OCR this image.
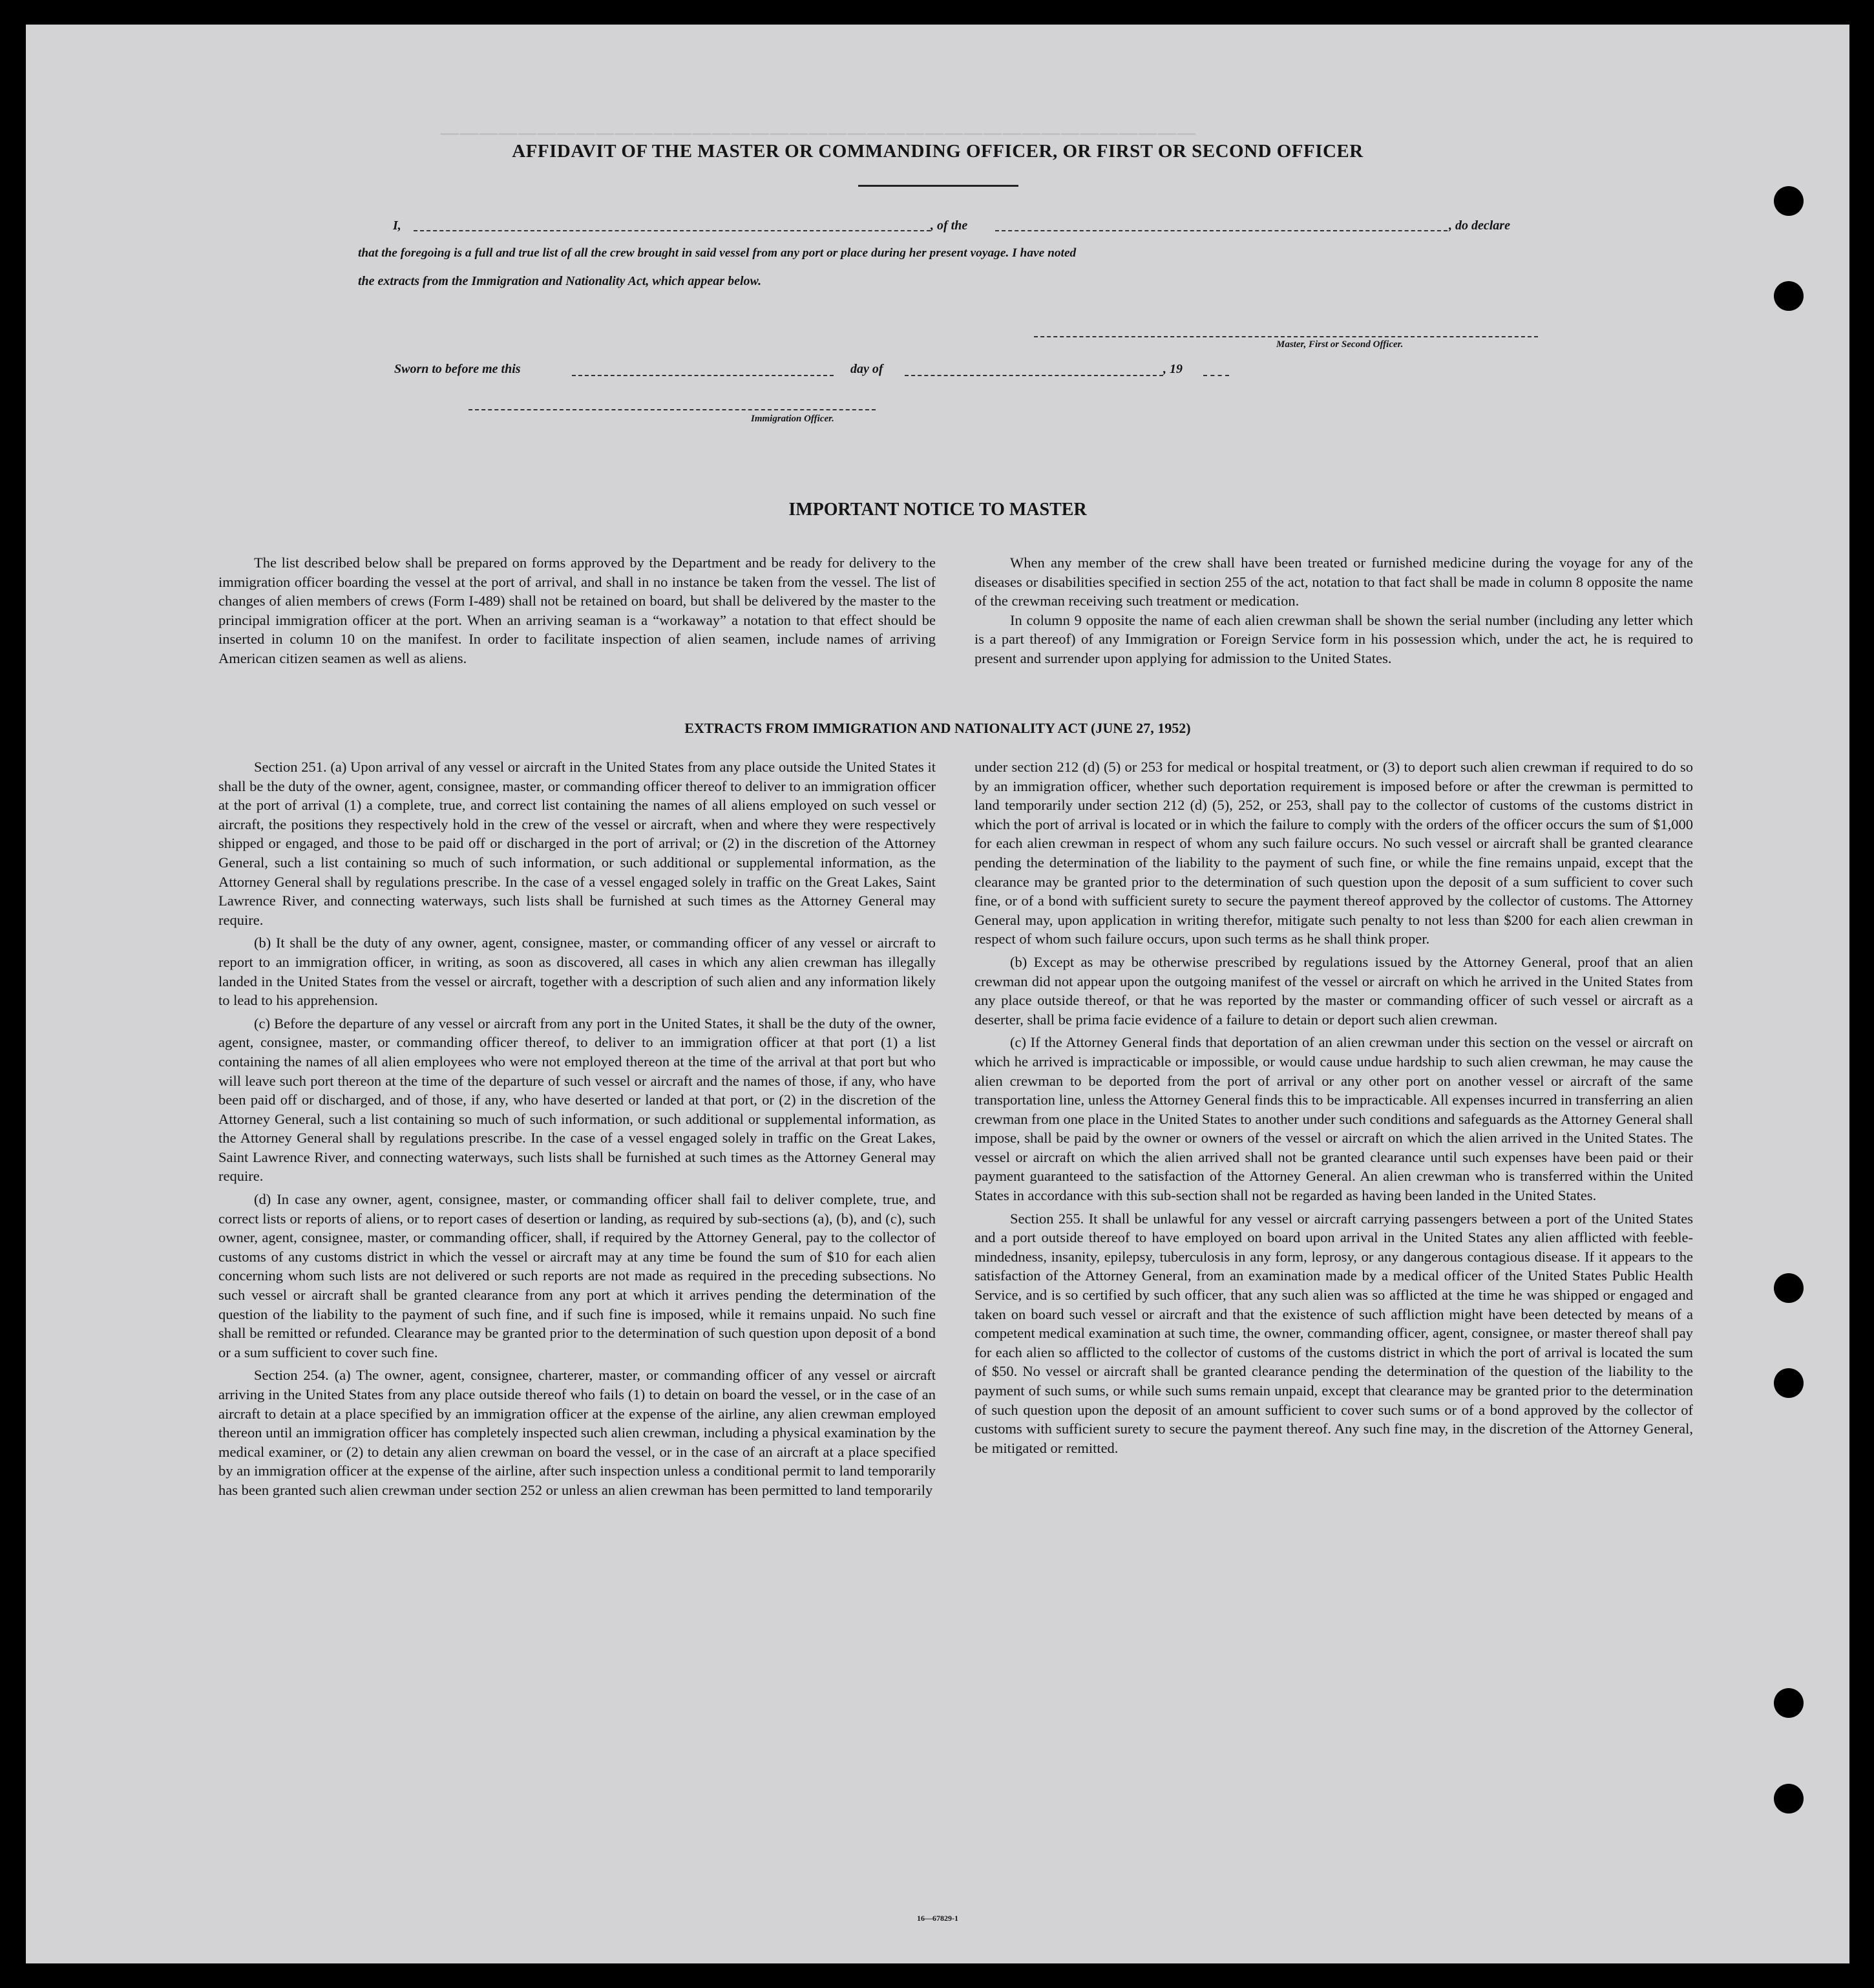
———————————————————————————————————————
AFFIDAVIT OF THE MASTER OR COMMANDING OFFICER, OR FIRST OR SECOND OFFICER
I,	, of the	, do declare
that the foregoing is a full and true list of all the crew brought in said vessel from any port or place during her present voyage. I have noted
the extracts from the Immigration and Nationality Act, which appear below.
Master, First or Second Officer.
Sworn to before me this	day of	, 19
Immigration Officer.
IMPORTANT NOTICE TO MASTER

The list described below shall be prepared on forms approved by the Department and be ready for delivery to the immigration officer boarding the vessel at the port of arrival, and shall in no instance be taken from the vessel. The list of changes of alien members of crews (Form I-489) shall not be retained on board, but shall be delivered by the master to the principal immigration officer at the port. When an arriving seaman is a “workaway” a notation to that effect should be inserted in column 10 on the manifest. In order to facilitate inspection of alien seamen, include names of arriving American citizen seamen as well as aliens.

When any member of the crew shall have been treated or furnished medicine during the voyage for any of the diseases or disabilities specified in section 255 of the act, notation to that fact shall be made in column 8 opposite the name of the crewman receiving such treatment or medication.

In column 9 opposite the name of each alien crewman shall be shown the serial number (including any letter which is a part thereof) of any Immigration or Foreign Service form in his possession which, under the act, he is required to present and surrender upon applying for admission to the United States.

EXTRACTS FROM IMMIGRATION AND NATIONALITY ACT (JUNE 27, 1952)

Section 251. (a) Upon arrival of any vessel or aircraft in the United States from any place outside the United States it shall be the duty of the owner, agent, consignee, master, or commanding officer thereof to deliver to an immigration officer at the port of arrival (1) a complete, true, and correct list containing the names of all aliens employed on such vessel or aircraft, the positions they respectively hold in the crew of the vessel or aircraft, when and where they were respectively shipped or engaged, and those to be paid off or discharged in the port of arrival; or (2) in the discretion of the Attorney General, such a list containing so much of such information, or such additional or supplemental information, as the Attorney General shall by regulations prescribe. In the case of a vessel engaged solely in traffic on the Great Lakes, Saint Lawrence River, and connecting waterways, such lists shall be furnished at such times as the Attorney General may require.

(b) It shall be the duty of any owner, agent, consignee, master, or commanding officer of any vessel or aircraft to report to an immigration officer, in writing, as soon as discovered, all cases in which any alien crewman has illegally landed in the United States from the vessel or aircraft, together with a description of such alien and any information likely to lead to his apprehension.

(c) Before the departure of any vessel or aircraft from any port in the United States, it shall be the duty of the owner, agent, consignee, master, or commanding officer thereof, to deliver to an immigration officer at that port (1) a list containing the names of all alien employees who were not employed thereon at the time of the arrival at that port but who will leave such port thereon at the time of the departure of such vessel or aircraft and the names of those, if any, who have been paid off or discharged, and of those, if any, who have deserted or landed at that port, or (2) in the discretion of the Attorney General, such a list containing so much of such information, or such additional or supplemental information, as the Attorney General shall by regulations prescribe. In the case of a vessel engaged solely in traffic on the Great Lakes, Saint Lawrence River, and connecting waterways, such lists shall be furnished at such times as the Attorney General may require.

(d) In case any owner, agent, consignee, master, or commanding officer shall fail to deliver complete, true, and correct lists or reports of aliens, or to report cases of desertion or landing, as required by sub-sections (a), (b), and (c), such owner, agent, consignee, master, or commanding officer, shall, if required by the Attorney General, pay to the collector of customs of any customs district in which the vessel or aircraft may at any time be found the sum of $10 for each alien concerning whom such lists are not delivered or such reports are not made as required in the preceding subsections. No such vessel or aircraft shall be granted clearance from any port at which it arrives pending the determination of the question of the liability to the payment of such fine, and if such fine is imposed, while it remains unpaid. No such fine shall be remitted or refunded. Clearance may be granted prior to the determination of such question upon deposit of a bond or a sum sufficient to cover such fine.

Section 254. (a) The owner, agent, consignee, charterer, master, or commanding officer of any vessel or aircraft arriving in the United States from any place outside thereof who fails (1) to detain on board the vessel, or in the case of an aircraft to detain at a place specified by an immigration officer at the expense of the airline, any alien crewman employed thereon until an immigration officer has completely inspected such alien crewman, including a physical examination by the medical examiner, or (2) to detain any alien crewman on board the vessel, or in the case of an aircraft at a place specified by an immigration officer at the expense of the airline, after such inspection unless a conditional permit to land temporarily has been granted such alien crewman under section 252 or unless an alien crewman has been permitted to land temporarily

under section 212 (d) (5) or 253 for medical or hospital treatment, or (3) to deport such alien crewman if required to do so by an immigration officer, whether such deportation requirement is imposed before or after the crewman is permitted to land temporarily under section 212 (d) (5), 252, or 253, shall pay to the collector of customs of the customs district in which the port of arrival is located or in which the failure to comply with the orders of the officer occurs the sum of $1,000 for each alien crewman in respect of whom any such failure occurs. No such vessel or aircraft shall be granted clearance pending the determination of the liability to the payment of such fine, or while the fine remains unpaid, except that the clearance may be granted prior to the determination of such question upon the deposit of a sum sufficient to cover such fine, or of a bond with sufficient surety to secure the payment thereof approved by the collector of customs. The Attorney General may, upon application in writing therefor, mitigate such penalty to not less than $200 for each alien crewman in respect of whom such failure occurs, upon such terms as he shall think proper.

(b) Except as may be otherwise prescribed by regulations issued by the Attorney General, proof that an alien crewman did not appear upon the outgoing manifest of the vessel or aircraft on which he arrived in the United States from any place outside thereof, or that he was reported by the master or commanding officer of such vessel or aircraft as a deserter, shall be prima facie evidence of a failure to detain or deport such alien crewman.

(c) If the Attorney General finds that deportation of an alien crewman under this section on the vessel or aircraft on which he arrived is impracticable or impossible, or would cause undue hardship to such alien crewman, he may cause the alien crewman to be deported from the port of arrival or any other port on another vessel or aircraft of the same transportation line, unless the Attorney General finds this to be impracticable. All expenses incurred in transferring an alien crewman from one place in the United States to another under such conditions and safeguards as the Attorney General shall impose, shall be paid by the owner or owners of the vessel or aircraft on which the alien arrived in the United States. The vessel or aircraft on which the alien arrived shall not be granted clearance until such expenses have been paid or their payment guaranteed to the satisfaction of the Attorney General. An alien crewman who is transferred within the United States in accordance with this sub-section shall not be regarded as having been landed in the United States.

Section 255. It shall be unlawful for any vessel or aircraft carrying passengers between a port of the United States and a port outside thereof to have employed on board upon arrival in the United States any alien afflicted with feeble-mindedness, insanity, epilepsy, tuberculosis in any form, leprosy, or any dangerous contagious disease. If it appears to the satisfaction of the Attorney General, from an examination made by a medical officer of the United States Public Health Service, and is so certified by such officer, that any such alien was so afflicted at the time he was shipped or engaged and taken on board such vessel or aircraft and that the existence of such affliction might have been detected by means of a competent medical examination at such time, the owner, commanding officer, agent, consignee, or master thereof shall pay for each alien so afflicted to the collector of customs of the customs district in which the port of arrival is located the sum of $50. No vessel or aircraft shall be granted clearance pending the determination of the question of the liability to the payment of such sums, or while such sums remain unpaid, except that clearance may be granted prior to the determination of such question upon the deposit of an amount sufficient to cover such sums or of a bond approved by the collector of customs with sufficient surety to secure the payment thereof. Any such fine may, in the discretion of the Attorney General, be mitigated or remitted.

16—67829-1
